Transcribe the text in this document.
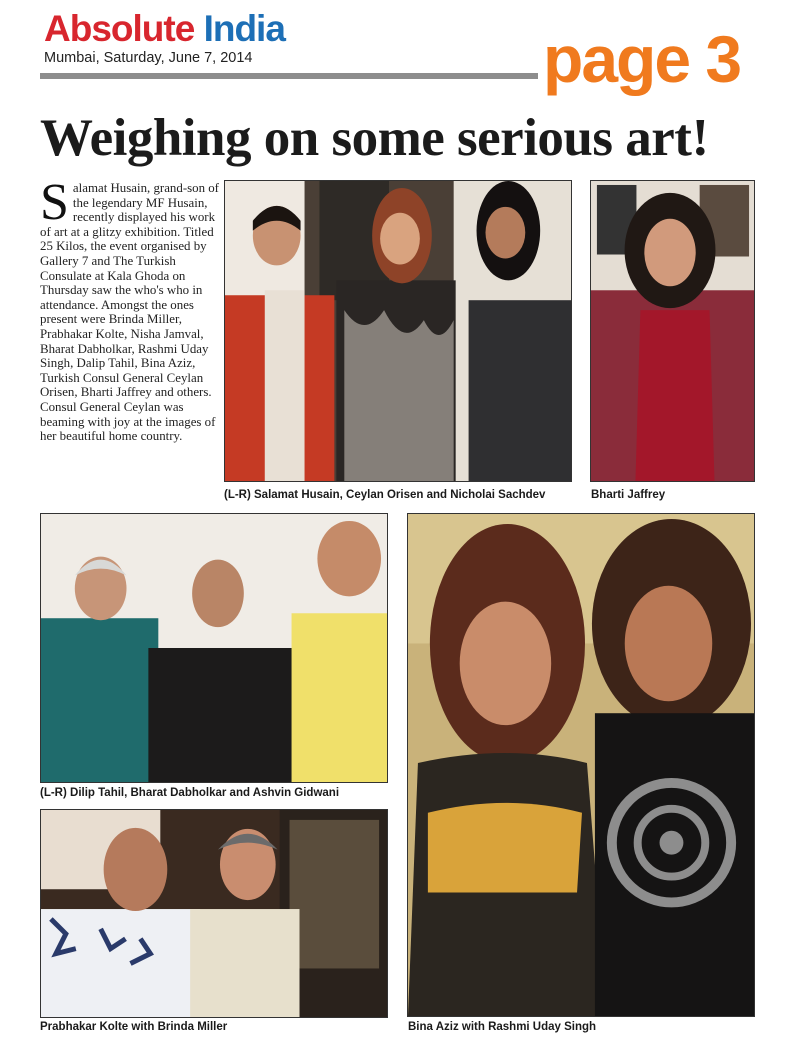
Absolute India
Mumbai, Saturday, June 7, 2014	page 3
Weighing on some serious art!
S alamat Husain, grand-son of the legendary MF Husain, recently displayed his work of art at a glitzy exhibition. Titled 25 Kilos, the event organised by Gallery 7 and The Turkish Consulate at Kala Ghoda on Thursday saw the who's who in attendance. Amongst the ones present were Brinda Miller, Prabhakar Kolte, Nisha Jamval, Bharat Dabholkar, Rashmi Uday Singh, Dalip Tahil, Bina Aziz, Turkish Consul General Ceylan Orisen, Bharti Jaffrey and others. Consul General Ceylan was beaming with joy at the images of her beautiful home country.
(L-R) Salamat Husain, Ceylan Orisen and Nicholai Sachdev	Bharti Jaffrey
(L-R) Dilip Tahil, Bharat Dabholkar and Ashvin Gidwani
Bina Aziz with Rashmi Uday Singh
Prabhakar Kolte with Brinda Miller
